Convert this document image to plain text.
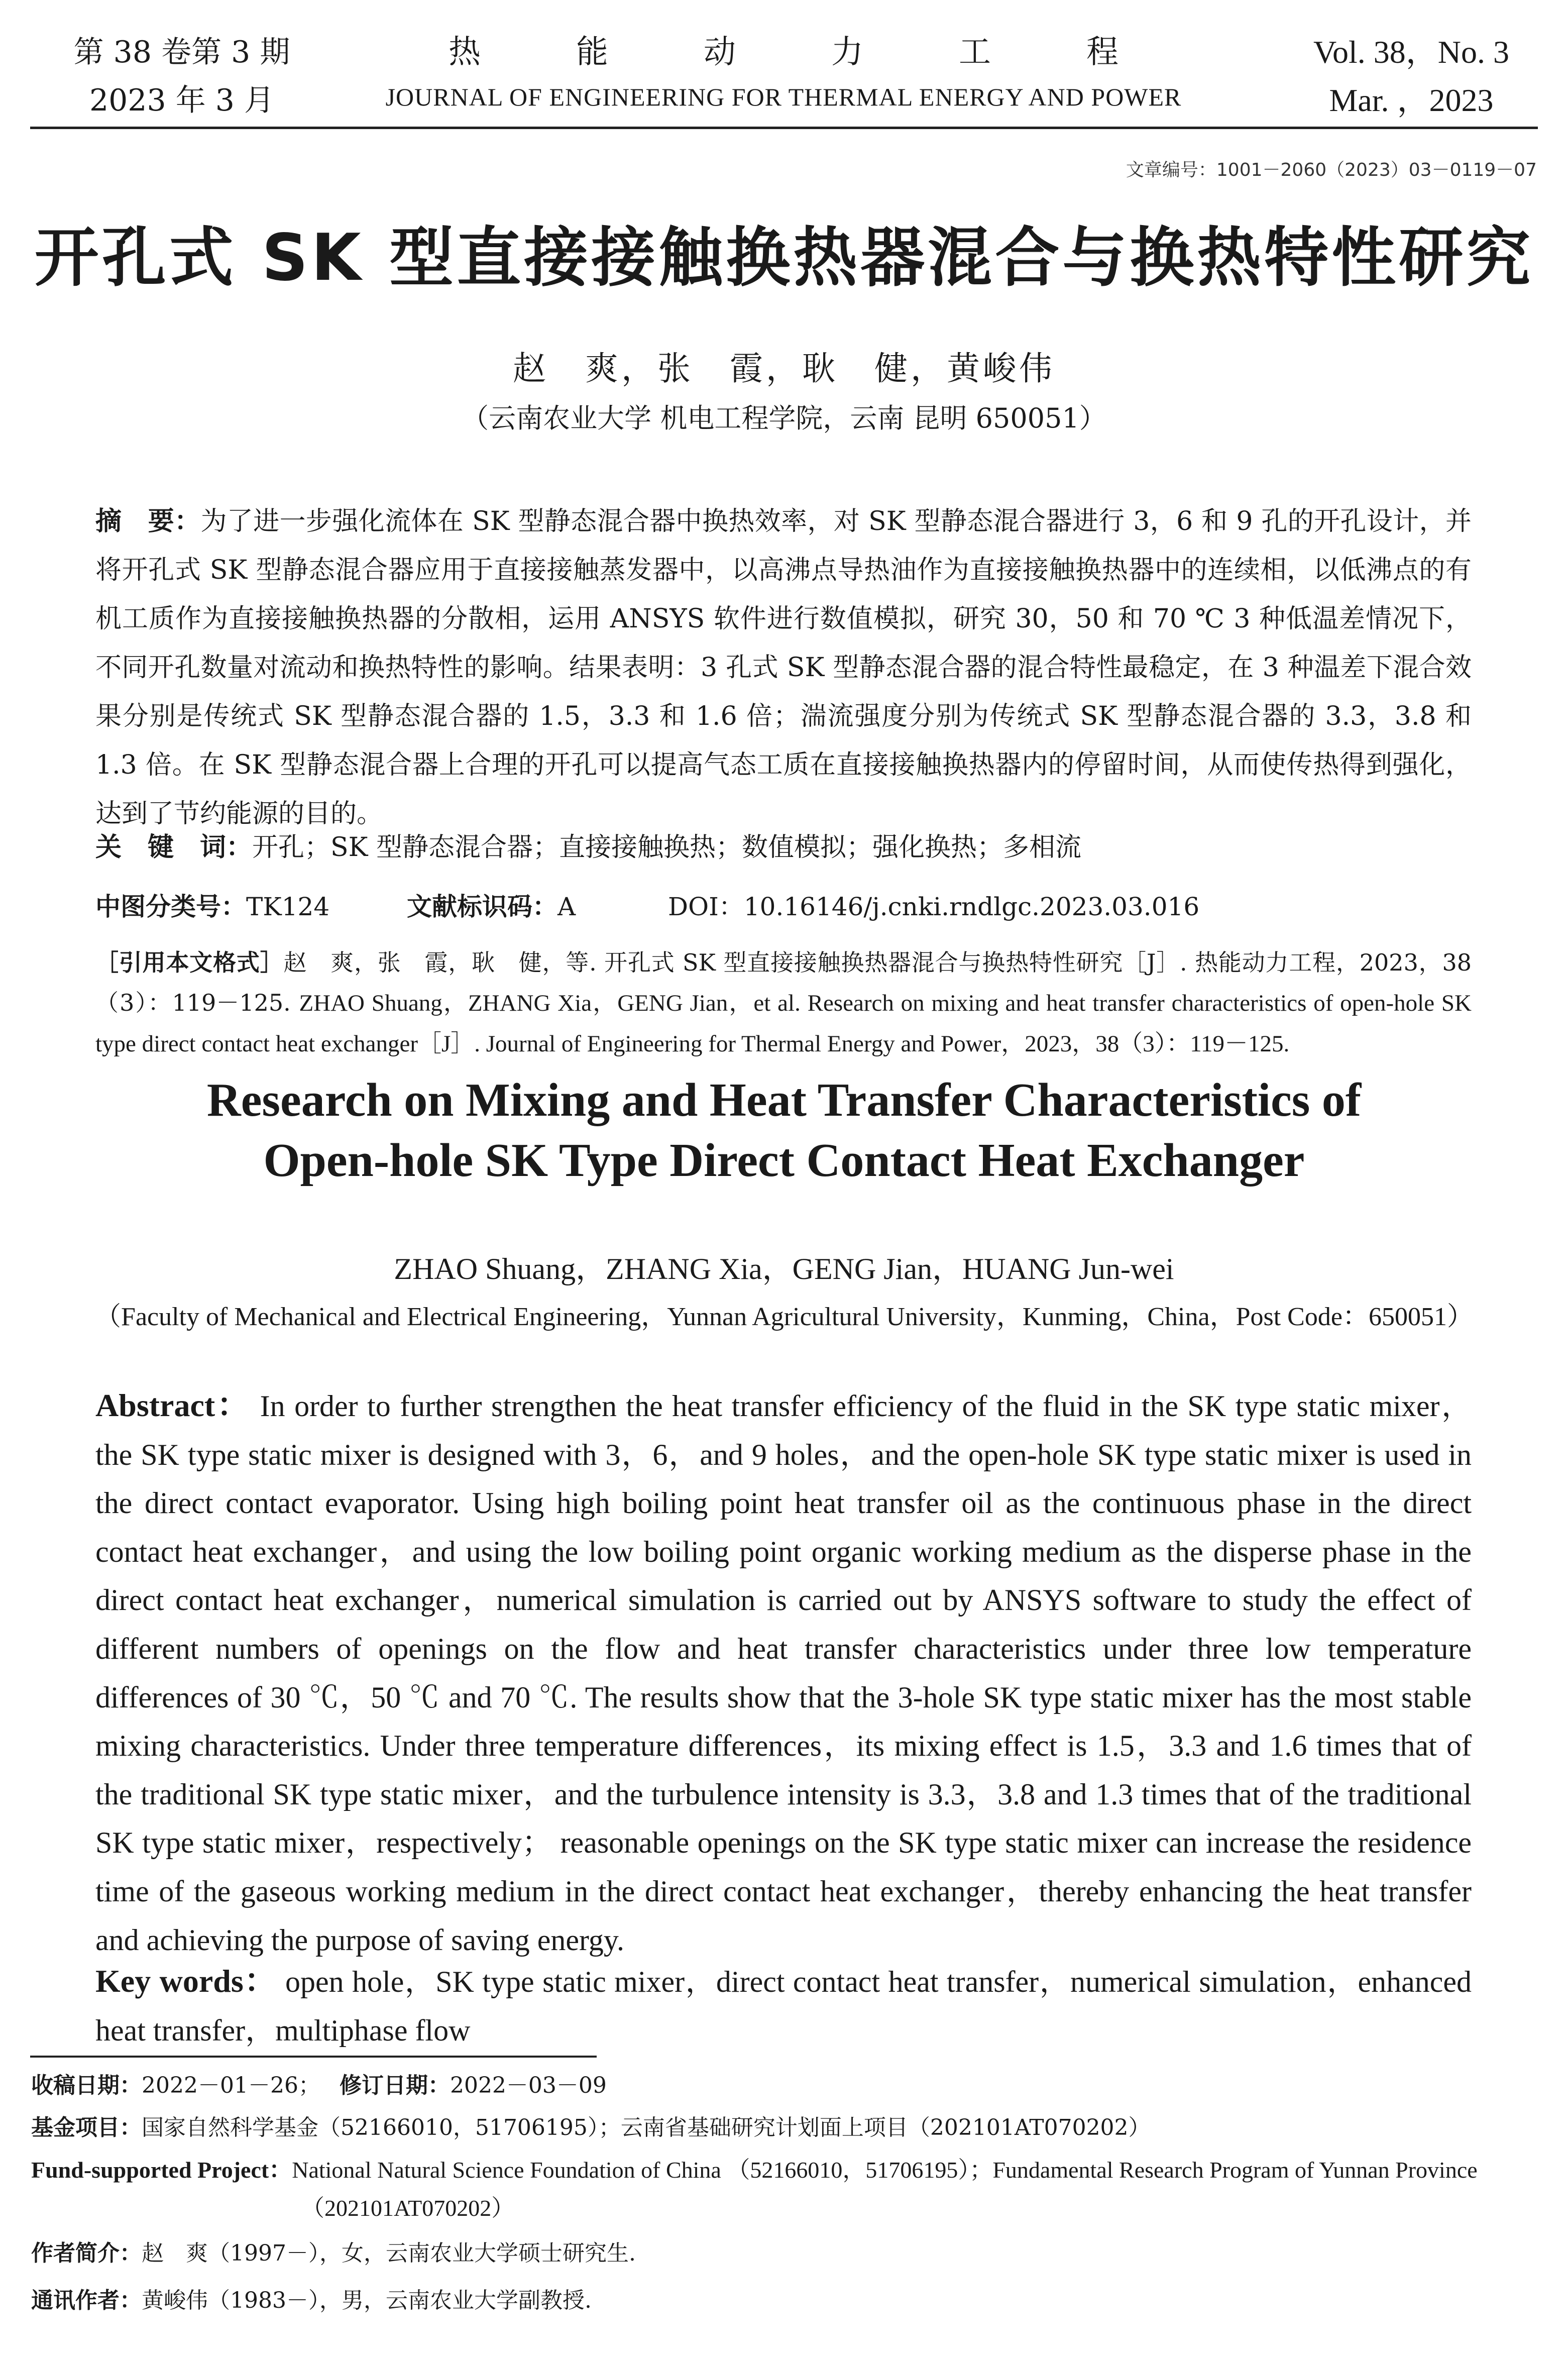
第 38 卷第 3 期
2023 年 3 月
热能动力工程
JOURNAL OF ENGINEERING FOR THERMAL ENERGY AND POWER
Vol. 38，No. 3
Mar. ，2023
文章编号：1001－2060（2023）03－0119－07
开孔式 SK 型直接接触换热器混合与换热特性研究
赵　爽，张　霞，耿　健，黄峻伟
（云南农业大学 机电工程学院，云南 昆明 650051）
摘　要：为了进一步强化流体在 SK 型静态混合器中换热效率，对 SK 型静态混合器进行 3，6 和 9 孔的开孔设计，并将开孔式 SK 型静态混合器应用于直接接触蒸发器中，以高沸点导热油作为直接接触换热器中的连续相，以低沸点的有机工质作为直接接触换热器的分散相，运用 ANSYS 软件进行数值模拟，研究 30，50 和 70 ℃ 3 种低温差情况下，不同开孔数量对流动和换热特性的影响。结果表明：3 孔式 SK 型静态混合器的混合特性最稳定，在 3 种温差下混合效果分别是传统式 SK 型静态混合器的 1.5，3.3 和 1.6 倍；湍流强度分别为传统式 SK 型静态混合器的 3.3，3.8 和 1.3 倍。在 SK 型静态混合器上合理的开孔可以提高气态工质在直接接触换热器内的停留时间，从而使传热得到强化，达到了节约能源的目的。
关　键　词：开孔；SK 型静态混合器；直接接触换热；数值模拟；强化换热；多相流
中图分类号：TK124	文献标识码：A	DOI：10.16146/j.cnki.rndlgc.2023.03.016
［引用本文格式］赵　爽，张　霞，耿　健，等. 开孔式 SK 型直接接触换热器混合与换热特性研究［J］. 热能动力工程，2023，38（3）：119－125. ZHAO Shuang，ZHANG Xia，GENG Jian，et al. Research on mixing and heat transfer characteristics of open-hole SK type direct contact heat exchanger［J］. Journal of Engineering for Thermal Energy and Power，2023，38（3）：119－125.
Research on Mixing and Heat Transfer Characteristics of
Open-hole SK Type Direct Contact Heat Exchanger
ZHAO Shuang，ZHANG Xia，GENG Jian，HUANG Jun-wei
（Faculty of Mechanical and Electrical Engineering，Yunnan Agricultural University，Kunming，China，Post Code：650051）
Abstract： In order to further strengthen the heat transfer efficiency of the fluid in the SK type static mixer，the SK type static mixer is designed with 3，6，and 9 holes，and the open-hole SK type static mixer is used in the direct contact evaporator. Using high boiling point heat transfer oil as the continuous phase in the direct contact heat exchanger，and using the low boiling point organic working medium as the disperse phase in the direct contact heat exchanger，numerical simulation is carried out by ANSYS software to study the effect of different numbers of openings on the flow and heat transfer characteristics under three low temperature differences of 30 ℃，50 ℃ and 70 ℃. The results show that the 3-hole SK type static mixer has the most stable mixing characteristics. Under three temperature differences，its mixing effect is 1.5，3.3 and 1.6 times that of the traditional SK type static mixer，and the turbulence intensity is 3.3，3.8 and 1.3 times that of the traditional SK type static mixer，respectively； reasonable openings on the SK type static mixer can increase the residence time of the gaseous working medium in the direct contact heat exchanger，thereby enhancing the heat transfer and achieving the purpose of saving energy.
Key words： open hole，SK type static mixer，direct contact heat transfer，numerical simulation，enhanced heat transfer，multiphase flow
收稿日期：2022－01－26； 修订日期：2022－03－09
基金项目：国家自然科学基金（52166010，51706195）；云南省基础研究计划面上项目（202101AT070202）
Fund-supported Project：National Natural Science Foundation of China （52166010，51706195）；Fundamental Research Program of Yunnan Province
（202101AT070202）
作者简介：赵　爽（1997－），女，云南农业大学硕士研究生.
通讯作者：黄峻伟（1983－），男，云南农业大学副教授.
